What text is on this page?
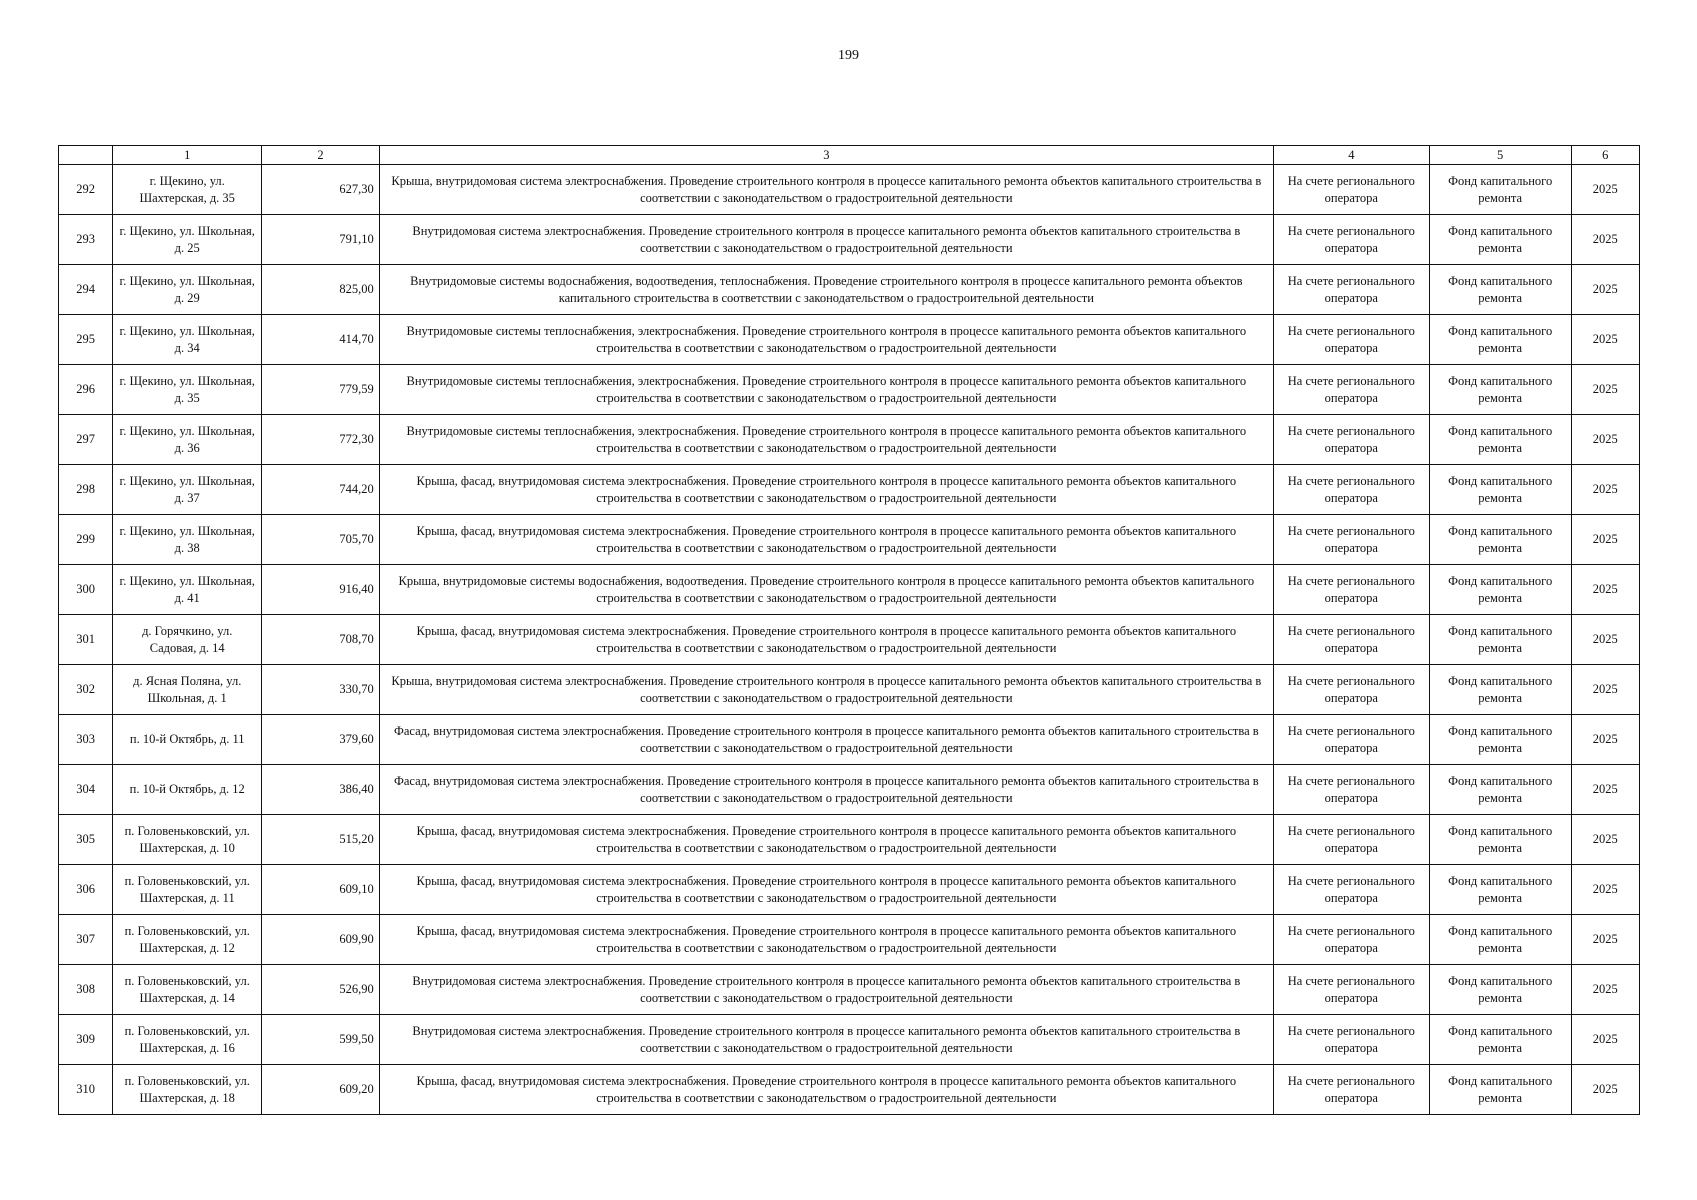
199
	1	2	3	4	5	6
292	г. Щекино, ул. Шахтерская, д. 35	627,30	Крыша, внутридомовая система электроснабжения. Проведение строительного контроля в процессе капитального ремонта объектов капитального строительства в соответствии с законодательством о градостроительной деятельности	На счете регионального оператора	Фонд капитального ремонта	2025
293	г. Щекино, ул. Школьная, д. 25	791,10	Внутридомовая система электроснабжения. Проведение строительного контроля в процессе капитального ремонта объектов капитального строительства в соответствии с законодательством о градостроительной деятельности	На счете регионального оператора	Фонд капитального ремонта	2025
294	г. Щекино, ул. Школьная, д. 29	825,00	Внутридомовые системы водоснабжения, водоотведения, теплоснабжения. Проведение строительного контроля в процессе капитального ремонта объектов капитального строительства в соответствии с законодательством о градостроительной деятельности	На счете регионального оператора	Фонд капитального ремонта	2025
295	г. Щекино, ул. Школьная, д. 34	414,70	Внутридомовые системы теплоснабжения, электроснабжения. Проведение строительного контроля в процессе капитального ремонта объектов капитального строительства в соответствии с законодательством о градостроительной деятельности	На счете регионального оператора	Фонд капитального ремонта	2025
296	г. Щекино, ул. Школьная, д. 35	779,59	Внутридомовые системы теплоснабжения, электроснабжения. Проведение строительного контроля в процессе капитального ремонта объектов капитального строительства в соответствии с законодательством о градостроительной деятельности	На счете регионального оператора	Фонд капитального ремонта	2025
297	г. Щекино, ул. Школьная, д. 36	772,30	Внутридомовые системы теплоснабжения, электроснабжения. Проведение строительного контроля в процессе капитального ремонта объектов капитального строительства в соответствии с законодательством о градостроительной деятельности	На счете регионального оператора	Фонд капитального ремонта	2025
298	г. Щекино, ул. Школьная, д. 37	744,20	Крыша, фасад, внутридомовая система электроснабжения. Проведение строительного контроля в процессе капитального ремонта объектов капитального строительства в соответствии с законодательством о градостроительной деятельности	На счете регионального оператора	Фонд капитального ремонта	2025
299	г. Щекино, ул. Школьная, д. 38	705,70	Крыша, фасад, внутридомовая система электроснабжения. Проведение строительного контроля в процессе капитального ремонта объектов капитального строительства в соответствии с законодательством о градостроительной деятельности	На счете регионального оператора	Фонд капитального ремонта	2025
300	г. Щекино, ул. Школьная, д. 41	916,40	Крыша, внутридомовые системы водоснабжения, водоотведения. Проведение строительного контроля в процессе капитального ремонта объектов капитального строительства в соответствии с законодательством о градостроительной деятельности	На счете регионального оператора	Фонд капитального ремонта	2025
301	д. Горячкино, ул. Садовая, д. 14	708,70	Крыша, фасад, внутридомовая система электроснабжения. Проведение строительного контроля в процессе капитального ремонта объектов капитального строительства в соответствии с законодательством о градостроительной деятельности	На счете регионального оператора	Фонд капитального ремонта	2025
302	д. Ясная Поляна, ул. Школьная, д. 1	330,70	Крыша, внутридомовая система электроснабжения. Проведение строительного контроля в процессе капитального ремонта объектов капитального строительства в соответствии с законодательством о градостроительной деятельности	На счете регионального оператора	Фонд капитального ремонта	2025
303	п. 10-й Октябрь, д. 11	379,60	Фасад, внутридомовая система электроснабжения. Проведение строительного контроля в процессе капитального ремонта объектов капитального строительства в соответствии с законодательством о градостроительной деятельности	На счете регионального оператора	Фонд капитального ремонта	2025
304	п. 10-й Октябрь, д. 12	386,40	Фасад, внутридомовая система электроснабжения. Проведение строительного контроля в процессе капитального ремонта объектов капитального строительства в соответствии с законодательством о градостроительной деятельности	На счете регионального оператора	Фонд капитального ремонта	2025
305	п. Головеньковский, ул. Шахтерская, д. 10	515,20	Крыша, фасад, внутридомовая система электроснабжения. Проведение строительного контроля в процессе капитального ремонта объектов капитального строительства в соответствии с законодательством о градостроительной деятельности	На счете регионального оператора	Фонд капитального ремонта	2025
306	п. Головеньковский, ул. Шахтерская, д. 11	609,10	Крыша, фасад, внутридомовая система электроснабжения. Проведение строительного контроля в процессе капитального ремонта объектов капитального строительства в соответствии с законодательством о градостроительной деятельности	На счете регионального оператора	Фонд капитального ремонта	2025
307	п. Головеньковский, ул. Шахтерская, д. 12	609,90	Крыша, фасад, внутридомовая система электроснабжения. Проведение строительного контроля в процессе капитального ремонта объектов капитального строительства в соответствии с законодательством о градостроительной деятельности	На счете регионального оператора	Фонд капитального ремонта	2025
308	п. Головеньковский, ул. Шахтерская, д. 14	526,90	Внутридомовая система электроснабжения. Проведение строительного контроля в процессе капитального ремонта объектов капитального строительства в соответствии с законодательством о градостроительной деятельности	На счете регионального оператора	Фонд капитального ремонта	2025
309	п. Головеньковский, ул. Шахтерская, д. 16	599,50	Внутридомовая система электроснабжения. Проведение строительного контроля в процессе капитального ремонта объектов капитального строительства в соответствии с законодательством о градостроительной деятельности	На счете регионального оператора	Фонд капитального ремонта	2025
310	п. Головеньковский, ул. Шахтерская, д. 18	609,20	Крыша, фасад, внутридомовая система электроснабжения. Проведение строительного контроля в процессе капитального ремонта объектов капитального строительства в соответствии с законодательством о градостроительной деятельности	На счете регионального оператора	Фонд капитального ремонта	2025
